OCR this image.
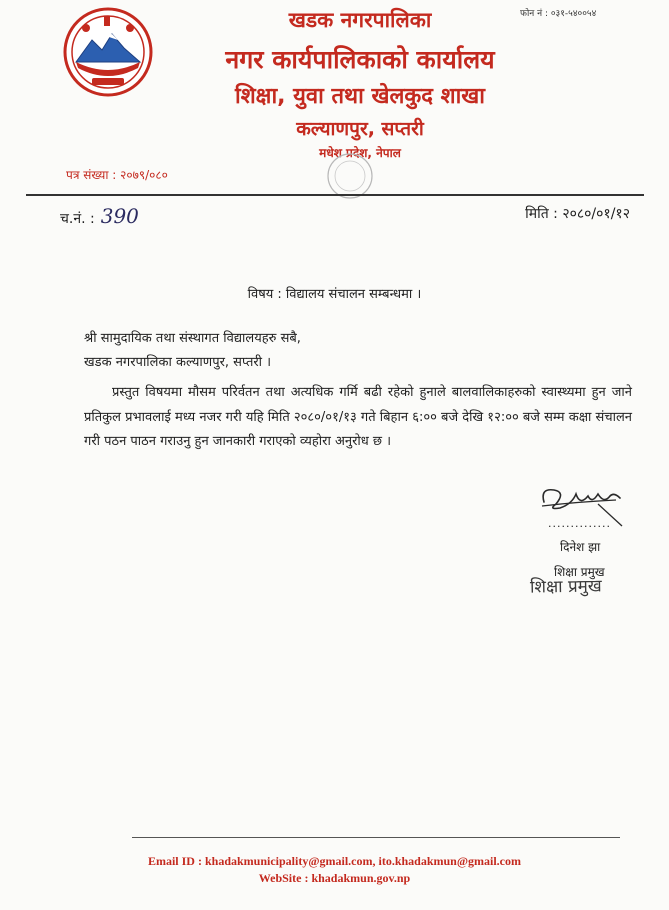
फोन नं : ०३१-५४००५४
खडक नगरपालिका
नगर कार्यपालिकाको कार्यालय
शिक्षा, युवा तथा खेलकुद शाखा
कल्याणपुर, सप्तरी
मधेश प्रदेश, नेपाल
पत्र संख्या : २०७९/०८०
च.नं. : 390	मिति : २०८०/०१/१२
विषय : विद्यालय संचालन सम्बन्धमा ।
श्री सामुदायिक तथा संस्थागत विद्यालयहरु सबै,
खडक नगरपालिका कल्याणपुर, सप्तरी ।
प्रस्तुत विषयमा मौसम परिर्वतन तथा अत्यधिक गर्मि बढी रहेको हुनाले बालवालिकाहरुको स्वास्थ्यमा हुन जाने प्रतिकुल प्रभावलाई मध्य नजर गरी यहि मिति २०८०/०१/१३ गते बिहान ६:०० बजे देखि १२:०० बजे सम्म कक्षा संचालन गरी पठन पाठन गराउनु हुन जानकारी गराएको व्यहोरा अनुरोध छ ।
..............
दिनेश झा
शिक्षा प्रमुख
शिक्षा प्रमुख
Email ID : khadakmunicipality@gmail.com, ito.khadakmun@gmail.com
WebSite : khadakmun.gov.np
